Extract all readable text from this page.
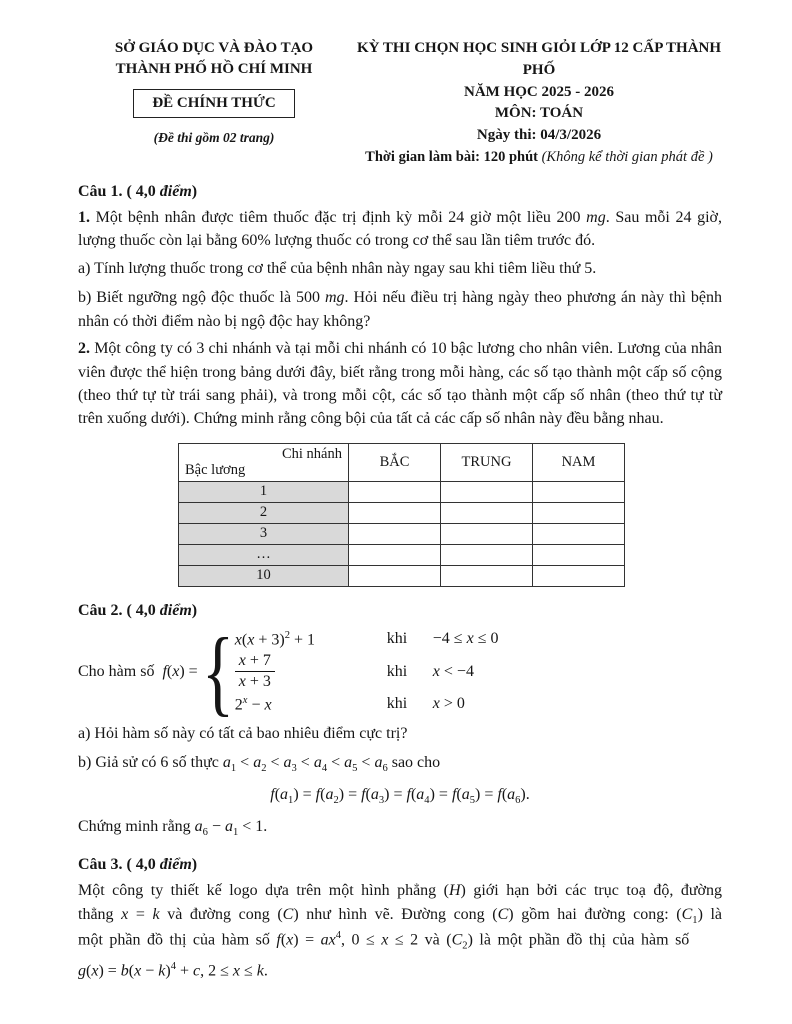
SỞ GIÁO DỤC VÀ ĐÀO TẠO
THÀNH PHỐ HỒ CHÍ MINH
ĐỀ CHÍNH THỨC
(Đề thi gồm 02 trang)
KỲ THI CHỌN HỌC SINH GIỎI LỚP 12 CẤP THÀNH PHỐ
NĂM HỌC 2025 - 2026
MÔN: TOÁN
Ngày thi: 04/3/2026
Thời gian làm bài: 120 phút (Không kể thời gian phát đề )
Câu 1. ( 4,0 điểm)

1. Một bệnh nhân được tiêm thuốc đặc trị định kỳ mỗi 24 giờ một liều 200 mg. Sau mỗi 24 giờ, lượng thuốc còn lại bằng 60% lượng thuốc có trong cơ thể sau lần tiêm trước đó.

a) Tính lượng thuốc trong cơ thể của bệnh nhân này ngay sau khi tiêm liều thứ 5.

b) Biết ngưỡng ngộ độc thuốc là 500 mg. Hỏi nếu điều trị hàng ngày theo phương án này thì bệnh nhân có thời điểm nào bị ngộ độc hay không?

2. Một công ty có 3 chi nhánh và tại mỗi chi nhánh có 10 bậc lương cho nhân viên. Lương của nhân viên được thể hiện trong bảng dưới đây, biết rằng trong mỗi hàng, các số tạo thành một cấp số cộng (theo thứ tự từ trái sang phải), và trong mỗi cột, các số tạo thành một cấp số nhân (theo thứ tự từ trên xuống dưới). Chứng minh rằng công bội của tất cả các cấp số nhân này đều bằng nhau.

Chi nhánh
Bậc lương	BẮC	TRUNG	NAM
1			
2			
3			
…			
10			
Câu 2. ( 4,0 điểm)
Cho hàm số f(x) = { $x(x + 3)^2 + 1$	khi	−4 ≤ x ≤ 0
$\frac{x + 7}{x + 3}$	khi	x < −4
$2^x - x$	khi	x > 0

a) Hỏi hàm số này có tất cả bao nhiêu điểm cực trị?

b) Giả sử có 6 số thực $a_1 < a_2 < a_3 < a_4 < a_5 < a_6$ sao cho

$f(a_1) = f(a_2) = f(a_3) = f(a_4) = f(a_5) = f(a_6)$.

Chứng minh rằng $a_6 - a_1 < 1$.

Câu 3. ( 4,0 điểm)

Một công ty thiết kế logo dựa trên một hình phẳng (H) giới hạn bởi các trục toạ độ, đường thẳng x = k và đường cong (C) như hình vẽ. Đường cong (C) gồm hai đường cong: $(C_1)$ là một phần đồ thị của hàm số $f(x) = ax^4$, 0 ≤ x ≤ 2 và $(C_2)$ là một phần đồ thị của hàm số

$g(x) = b(x - k)^4 + c$, 2 ≤ x ≤ k.
